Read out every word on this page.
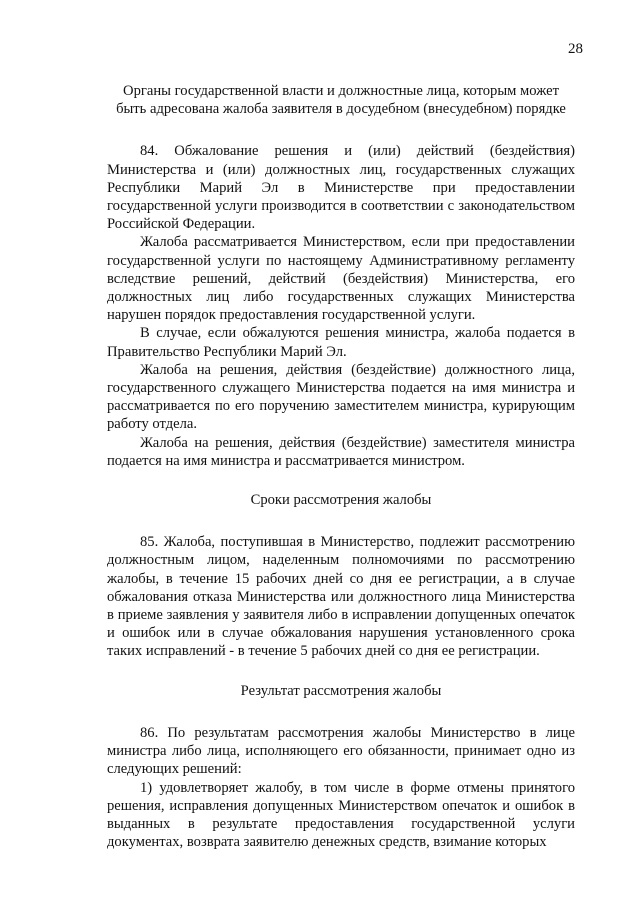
28
Органы государственной власти и должностные лица, которым может быть адресована жалоба заявителя в досудебном (внесудебном) порядке

84. Обжалование решения и (или) действий (бездействия) Министерства и (или) должностных лиц, государственных служащих Республики Марий Эл в Министерстве при предоставлении государственной услуги производится в соответствии с законодательством Российской Федерации.

Жалоба рассматривается Министерством, если при предоставлении государственной услуги по настоящему Административному регламенту вследствие решений, действий (бездействия) Министерства, его должностных лиц либо государственных служащих Министерства нарушен порядок предоставления государственной услуги.

В случае, если обжалуются решения министра, жалоба подается в Правительство Республики Марий Эл.

Жалоба на решения, действия (бездействие) должностного лица, государственного служащего Министерства подается на имя министра и рассматривается по его поручению заместителем министра, курирующим работу отдела.

Жалоба на решения, действия (бездействие) заместителя министра подается на имя министра и рассматривается министром.

Сроки рассмотрения жалобы

85. Жалоба, поступившая в Министерство, подлежит рассмотрению должностным лицом, наделенным полномочиями по рассмотрению жалобы, в течение 15 рабочих дней со дня ее регистрации, а в случае обжалования отказа Министерства или должностного лица Министерства в приеме заявления у заявителя либо в исправлении допущенных опечаток и ошибок или в случае обжалования нарушения установленного срока таких исправлений - в течение 5 рабочих дней со дня ее регистрации.

Результат рассмотрения жалобы

86. По результатам рассмотрения жалобы Министерство в лице министра либо лица, исполняющего его обязанности, принимает одно из следующих решений:

1) удовлетворяет жалобу, в том числе в форме отмены принятого решения, исправления допущенных Министерством опечаток и ошибок в выданных в результате предоставления государственной услуги документах, возврата заявителю денежных средств, взимание которых
